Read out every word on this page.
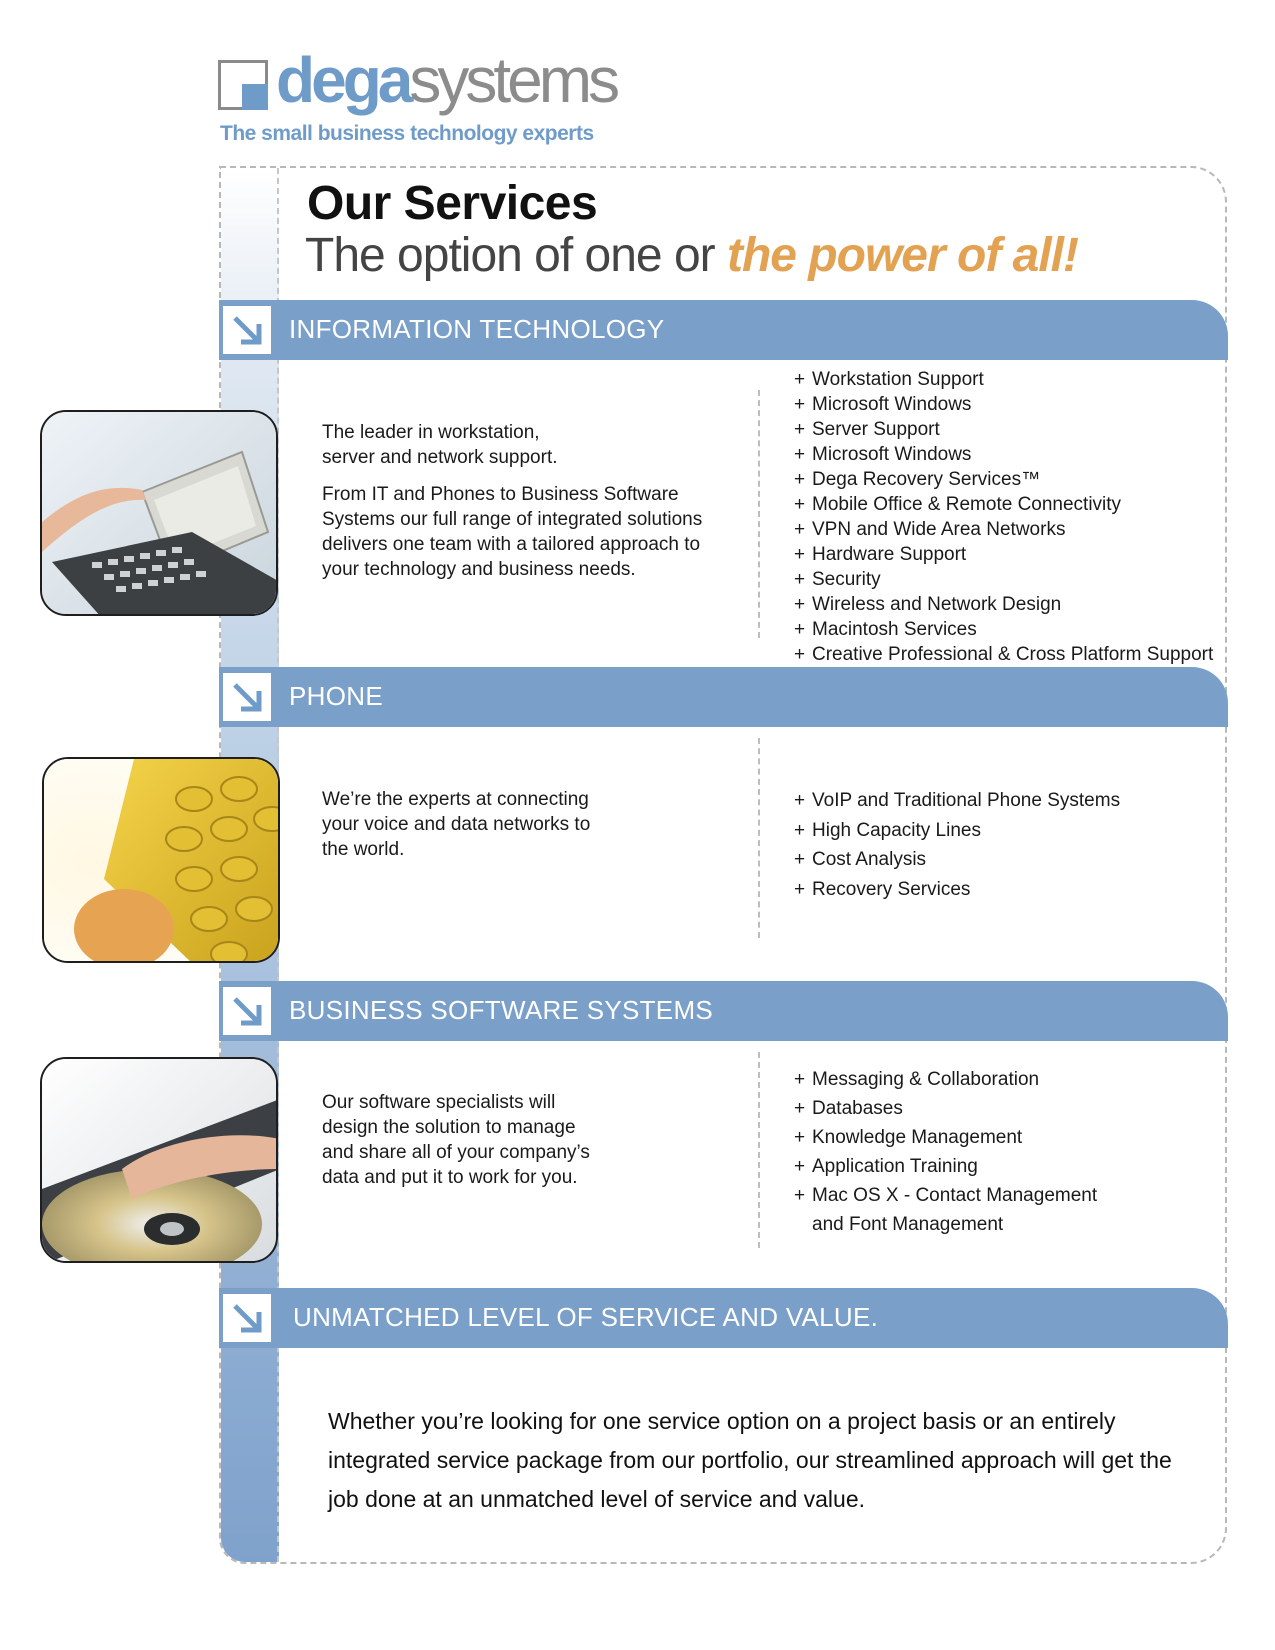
degasystems
The small business technology experts
Our Services
The option of one or the power of all!
INFORMATION TECHNOLOGY

The leader in workstation, server and network support.

From IT and Phones to Business Software Systems our full range of integrated solutions delivers one team with a tailored approach to your technology and business needs.

+ Workstation Support
+ Microsoft Windows
+ Server Support
+ Microsoft Windows
+ Dega Recovery Services™
+ Mobile Office & Remote Connectivity
+ VPN and Wide Area Networks
+ Hardware Support
+ Security
+ Wireless and Network Design
+ Macintosh Services
+ Creative Professional & Cross Platform Support
PHONE

We’re the experts at connecting your voice and data networks to the world.

+ VoIP and Traditional Phone Systems
+ High Capacity Lines
+ Cost Analysis
+ Recovery Services
BUSINESS SOFTWARE SYSTEMS

Our software specialists will design the solution to manage and share all of your company’s data and put it to work for you.

+ Messaging & Collaboration
+ Databases
+ Knowledge Management
+ Application Training
+ Mac OS X - Contact Management
and Font Management
UNMATCHED LEVEL OF SERVICE AND VALUE.

Whether you’re looking for one service option on a project basis or an entirely integrated service package from our portfolio, our streamlined approach will get the job done at an unmatched level of service and value.
